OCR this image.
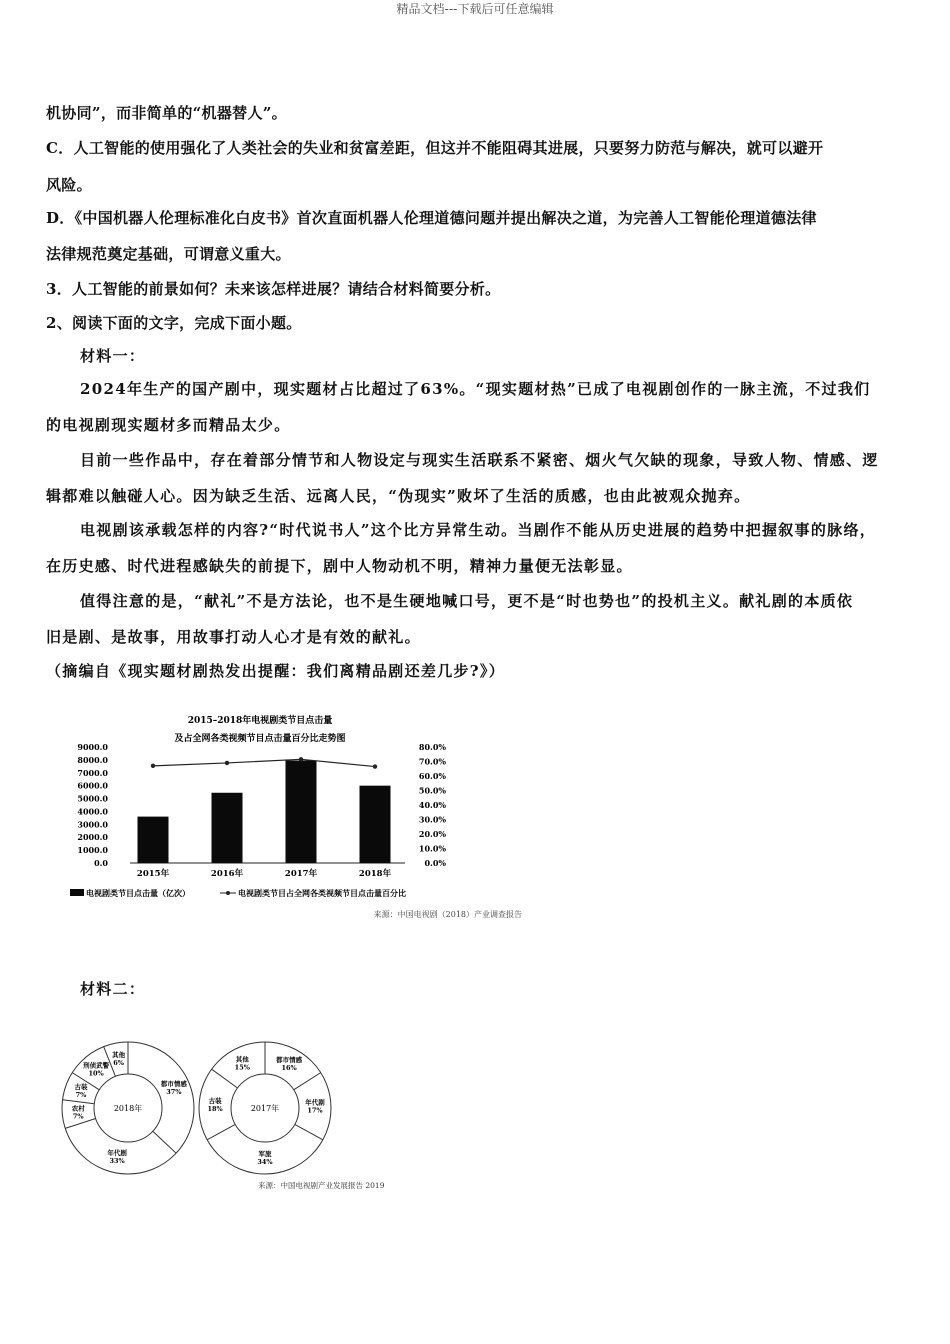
精品文档---下载后可任意编辑
机协同”，而非简单的“机器替人”。
C．人工智能的使用强化了人类社会的失业和贫富差距，但这并不能阻碍其进展，只要努力防范与解决，就可以避开
风险。
D．《中国机器人伦理标准化白皮书》首次直面机器人伦理道德问题并提出解决之道，为完善人工智能伦理道德法律
法律规范奠定基础，可谓意义重大。
3．人工智能的前景如何？未来该怎样进展？请结合材料简要分析。
2、阅读下面的文字，完成下面小题。
材料一：
2024年生产的国产剧中，现实题材占比超过了63%。“现实题材热”已成了电视剧创作的一脉主流，不过我们
的电视剧现实题材多而精品太少。
目前一些作品中，存在着部分情节和人物设定与现实生活联系不紧密、烟火气欠缺的现象，导致人物、情感、逻
辑都难以触碰人心。因为缺乏生活、远离人民，“伪现实”败坏了生活的质感，也由此被观众抛弃。
电视剧该承载怎样的内容?“时代说书人”这个比方异常生动。当剧作不能从历史进展的趋势中把握叙事的脉络，
在历史感、时代进程感缺失的前提下，剧中人物动机不明，精神力量便无法彰显。
值得注意的是，“献礼”不是方法论，也不是生硬地喊口号，更不是“时也势也”的投机主义。献礼剧的本质依
旧是剧、是故事，用故事打动人心才是有效的献礼。
（摘编自《现实题材剧热发出提醒：我们离精品剧还差几步?》）
2015–2018年电视剧类节目点击量
及占全网各类视频节目点击量百分比走势图
9000.0
8000.0
7000.0
6000.0
5000.0
4000.0
3000.0
2000.0
1000.0
0.0
80.0%
70.0%
60.0%
50.0%
40.0%
30.0%
20.0%
10.0%
0.0%
2015年	2016年	2017年	2018年
电视剧类节目点击量（亿次）	电视剧类节目占全网各类视频节目点击量百分比
来源：中国电视剧（2018）产业调查报告
材料二：
都市情感 37%
年代剧 33%
农村 7%
古装 7%
刑侦武警 10%
其他 6%
2018年
都市情感 16%
年代剧 17%
军旅 34%
古装 18%
其他 15%
2017年
来源：中国电视剧产业发展报告 2019
